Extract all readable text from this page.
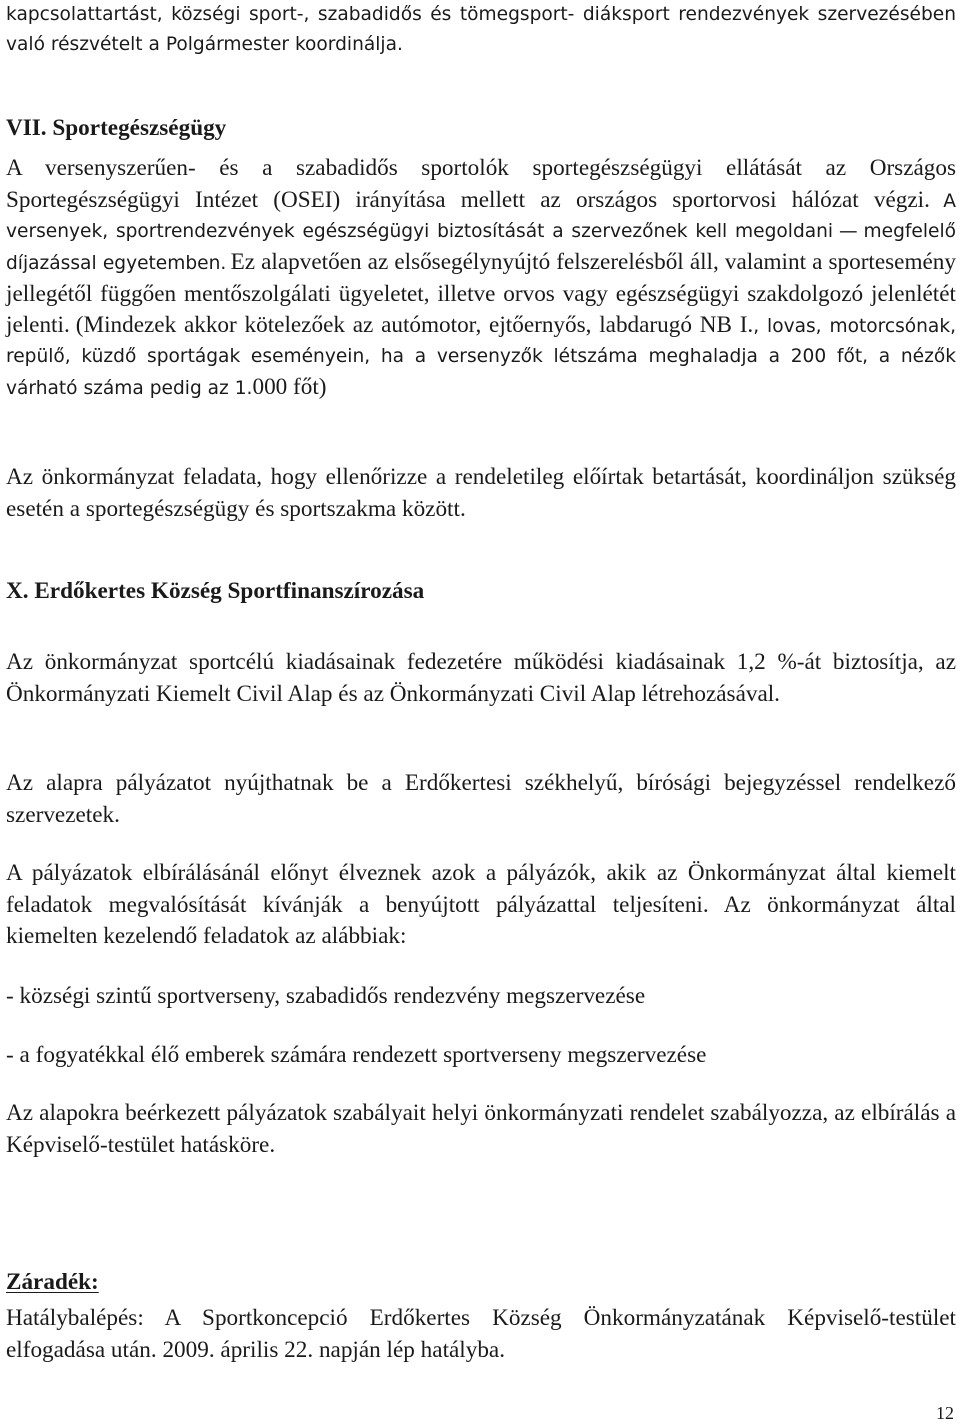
kapcsolattartást, községi sport-, szabadidős és tömegsport- diáksport rendezvények szervezésében való részvételt a Polgármester koordinálja.

VII. Sportegészségügy

A versenyszerűen- és a szabadidős sportolók sportegészségügyi ellátását az Országos Sportegészségügyi Intézet (OSEI) irányítása mellett az országos sportorvosi hálózat végzi. A versenyek, sportrendezvények egészségügyi biztosítását a szervezőnek kell megoldani — megfelelő díjazással egyetemben. Ez alapvetően az elsősegélynyújtó felszerelésből áll, valamint a sportesemény jellegétől függően mentőszolgálati ügyeletet, illetve orvos vagy egészségügyi szakdolgozó jelenlétét jelenti. (Mindezek akkor kötelezőek az autómotor, ejtőernyős, labdarugó NB I., lovas, motorcsónak, repülő, küzdő sportágak eseményein, ha a versenyzők létszáma meghaladja a 200 főt, a nézők várható száma pedig az 1.000 főt)

Az önkormányzat feladata, hogy ellenőrizze a rendeletileg előírtak betartását, koordináljon szükség esetén a sportegészségügy és sportszakma között.

X. Erdőkertes Község Sportfinanszírozása

Az önkormányzat sportcélú kiadásainak fedezetére működési kiadásainak 1,2 %-át biztosítja, az Önkormányzati Kiemelt Civil Alap és az Önkormányzati Civil Alap létrehozásával.

Az alapra pályázatot nyújthatnak be a Erdőkertesi székhelyű, bírósági bejegyzéssel rendelkező szervezetek.

A pályázatok elbírálásánál előnyt élveznek azok a pályázók, akik az Önkormányzat által kiemelt feladatok megvalósítását kívánják a benyújtott pályázattal teljesíteni. Az önkormányzat által kiemelten kezelendő feladatok az alábbiak:

- községi szintű sportverseny, szabadidős rendezvény megszervezése

- a fogyatékkal élő emberek számára rendezett sportverseny megszervezése

Az alapokra beérkezett pályázatok szabályait helyi önkormányzati rendelet szabályozza, az elbírálás a Képviselő-testület hatásköre.

Záradék:

Hatálybalépés: A Sportkoncepció Erdőkertes Község Önkormányzatának Képviselő-testület elfogadása után. 2009. április 22. napján lép hatályba.

12
